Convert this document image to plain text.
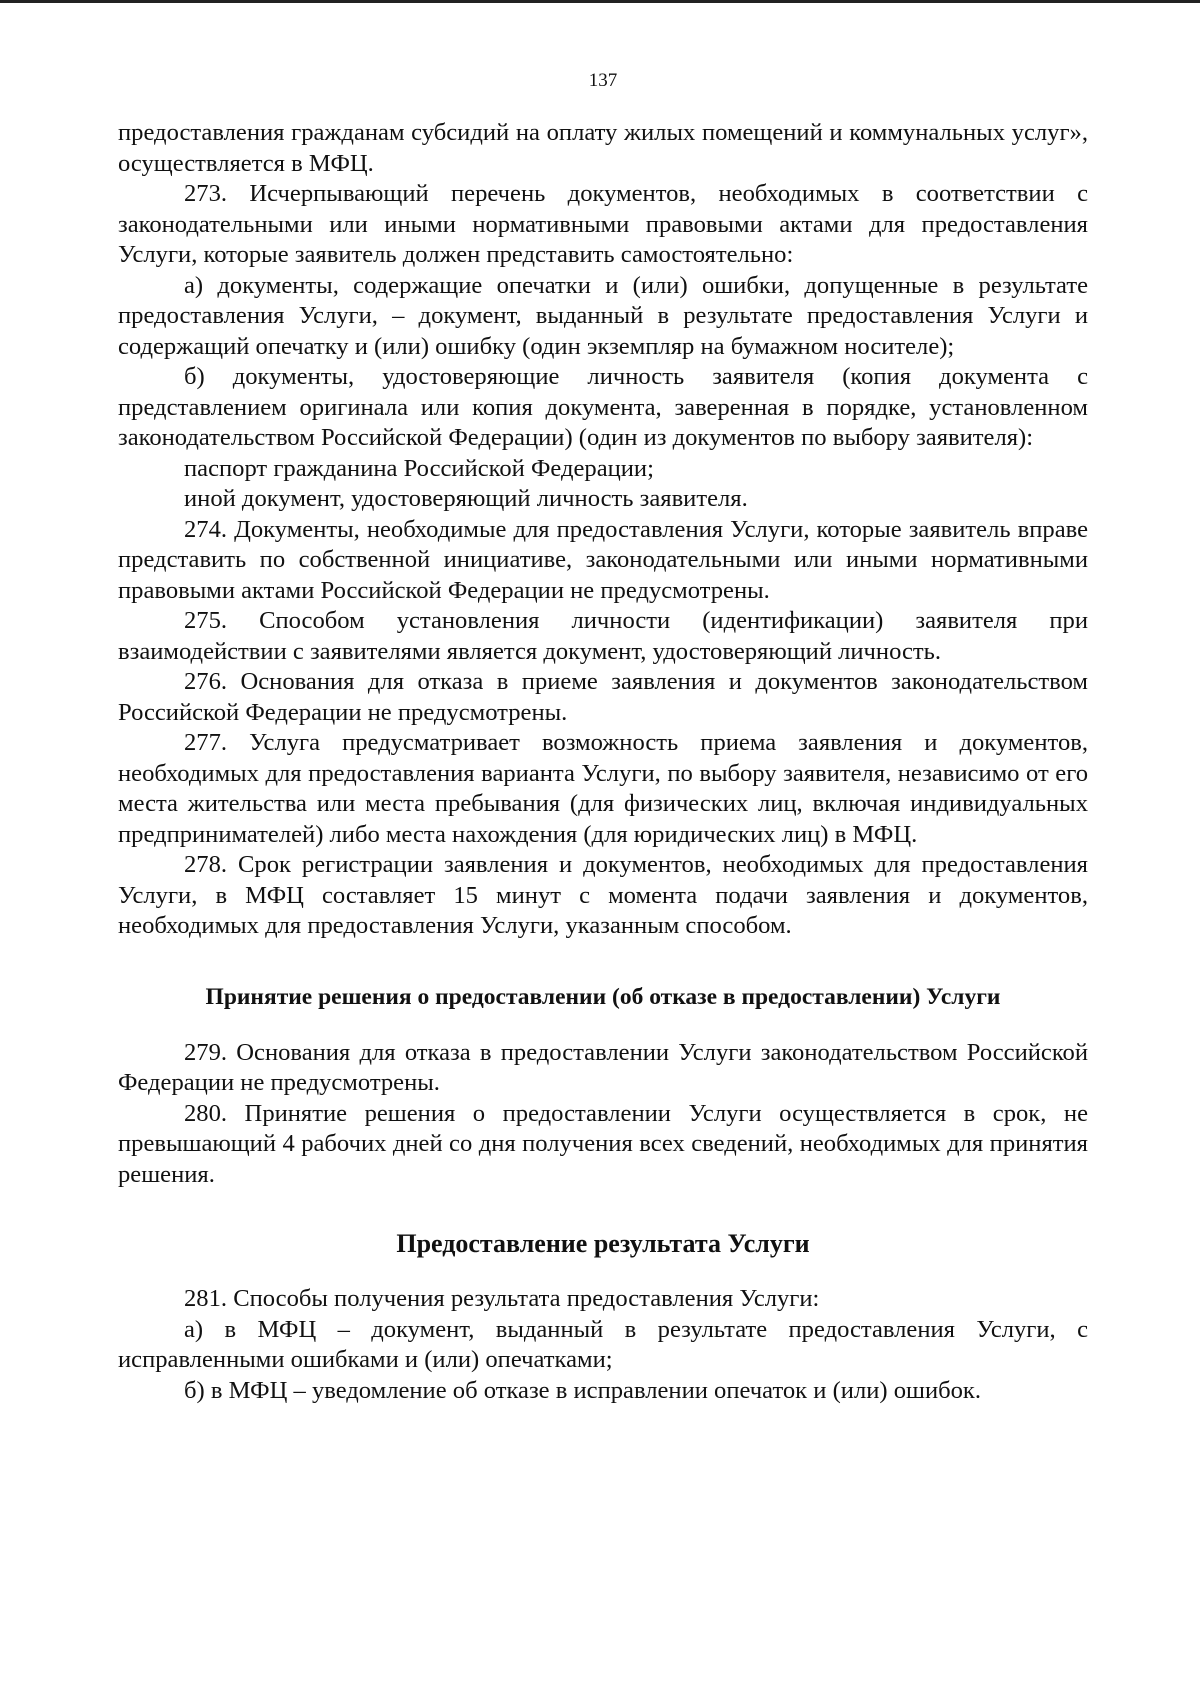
137

предоставления гражданам субсидий на оплату жилых помещений и коммунальных услуг», осуществляется в МФЦ.

273. Исчерпывающий перечень документов, необходимых в соответствии с законодательными или иными нормативными правовыми актами для предоставления Услуги, которые заявитель должен представить самостоятельно:

а) документы, содержащие опечатки и (или) ошибки, допущенные в результате предоставления Услуги, – документ, выданный в результате предоставления Услуги и содержащий опечатку и (или) ошибку (один экземпляр на бумажном носителе);

б) документы, удостоверяющие личность заявителя (копия документа с представлением оригинала или копия документа, заверенная в порядке, установленном законодательством Российской Федерации) (один из документов по выбору заявителя):

паспорт гражданина Российской Федерации;

иной документ, удостоверяющий личность заявителя.

274. Документы, необходимые для предоставления Услуги, которые заявитель вправе представить по собственной инициативе, законодательными или иными нормативными правовыми актами Российской Федерации не предусмотрены.

275. Способом установления личности (идентификации) заявителя при взаимодействии с заявителями является документ, удостоверяющий личность.

276. Основания для отказа в приеме заявления и документов законодательством Российской Федерации не предусмотрены.

277. Услуга предусматривает возможность приема заявления и документов, необходимых для предоставления варианта Услуги, по выбору заявителя, независимо от его места жительства или места пребывания (для физических лиц, включая индивидуальных предпринимателей) либо места нахождения (для юридических лиц) в МФЦ.

278. Срок регистрации заявления и документов, необходимых для предоставления Услуги, в МФЦ составляет 15 минут с момента подачи заявления и документов, необходимых для предоставления Услуги, указанным способом.

Принятие решения о предоставлении (об отказе в предоставлении) Услуги

279. Основания для отказа в предоставлении Услуги законодательством Российской Федерации не предусмотрены.

280. Принятие решения о предоставлении Услуги осуществляется в срок, не превышающий 4 рабочих дней со дня получения всех сведений, необходимых для принятия решения.

Предоставление результата Услуги

281. Способы получения результата предоставления Услуги:

а) в МФЦ – документ, выданный в результате предоставления Услуги, с исправленными ошибками и (или) опечатками;

б) в МФЦ – уведомление об отказе в исправлении опечаток и (или) ошибок.
